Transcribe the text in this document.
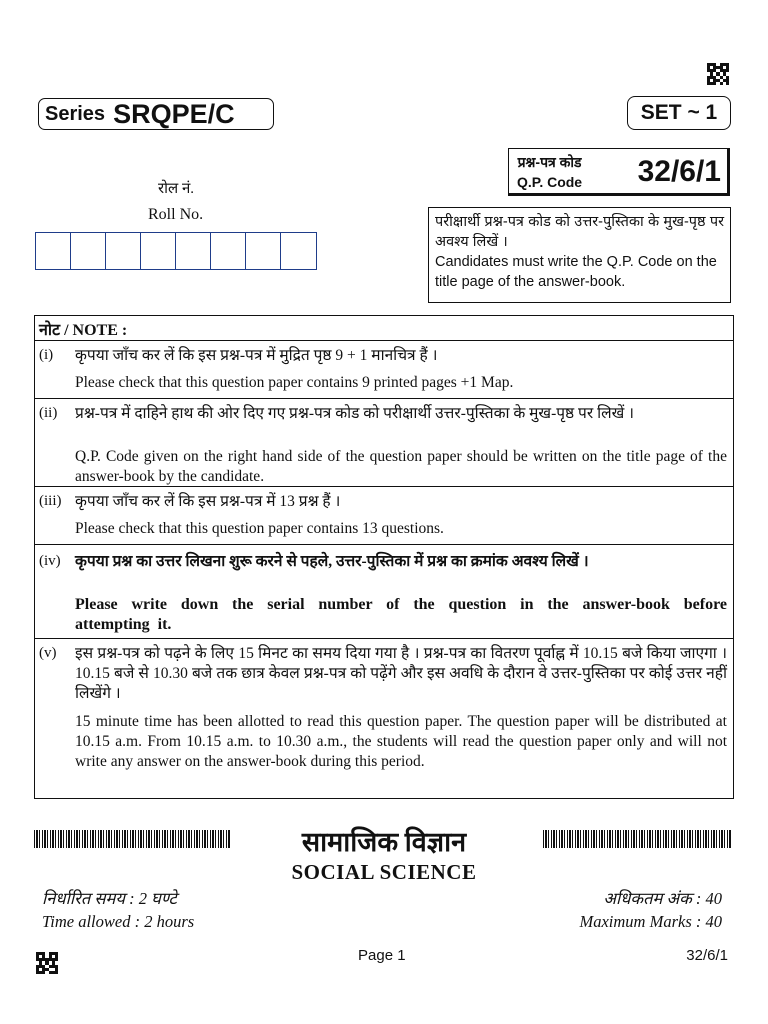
Series SRQPE/C	SET ~ 1
प्रश्न-पत्र कोड
Q.P. Code 32/6/1
रोल नं.
Roll No.	परीक्षार्थी प्रश्न-पत्र कोड को उत्तर-पुस्तिका के मुख-पृष्ठ पर अवश्य लिखें ।
Candidates must write the Q.P. Code on the title page of the answer-book.
नोट / NOTE :
(i) कृपया जाँच कर लें कि इस प्रश्न-पत्र में मुद्रित पृष्ठ 9 + 1 मानचित्र हैं ।
Please check that this question paper contains 9 printed pages +1 Map.
(ii) प्रश्न-पत्र में दाहिने हाथ की ओर दिए गए प्रश्न-पत्र कोड को परीक्षार्थी उत्तर-पुस्तिका के मुख-पृष्ठ पर लिखें ।
Q.P. Code given on the right hand side of the question paper should be written on the title page of the answer-book by the candidate.
(iii) कृपया जाँच कर लें कि इस प्रश्न-पत्र में 13 प्रश्न हैं ।
Please check that this question paper contains 13 questions.
(iv) कृपया प्रश्न का उत्तर लिखना शुरू करने से पहले, उत्तर-पुस्तिका में प्रश्न का क्रमांक अवश्य लिखें ।
Please write down the serial number of the question in the answer-book before attempting it.
(v) इस प्रश्न-पत्र को पढ़ने के लिए 15 मिनट का समय दिया गया है । प्रश्न-पत्र का वितरण पूर्वाह्न में 10.15 बजे किया जाएगा । 10.15 बजे से 10.30 बजे तक छात्र केवल प्रश्न-पत्र को पढ़ेंगे और इस अवधि के दौरान वे उत्तर-पुस्तिका पर कोई उत्तर नहीं लिखेंगे ।
15 minute time has been allotted to read this question paper. The question paper will be distributed at 10.15 a.m. From 10.15 a.m. to 10.30 a.m., the students will read the question paper only and will not write any answer on the answer-book during this period.
सामाजिक विज्ञान
SOCIAL SCIENCE
निर्धारित समय : 2 घण्टे
Time allowed : 2 hours
अधिकतम अंक : 40
Maximum Marks : 40
Page 1	32/6/1
